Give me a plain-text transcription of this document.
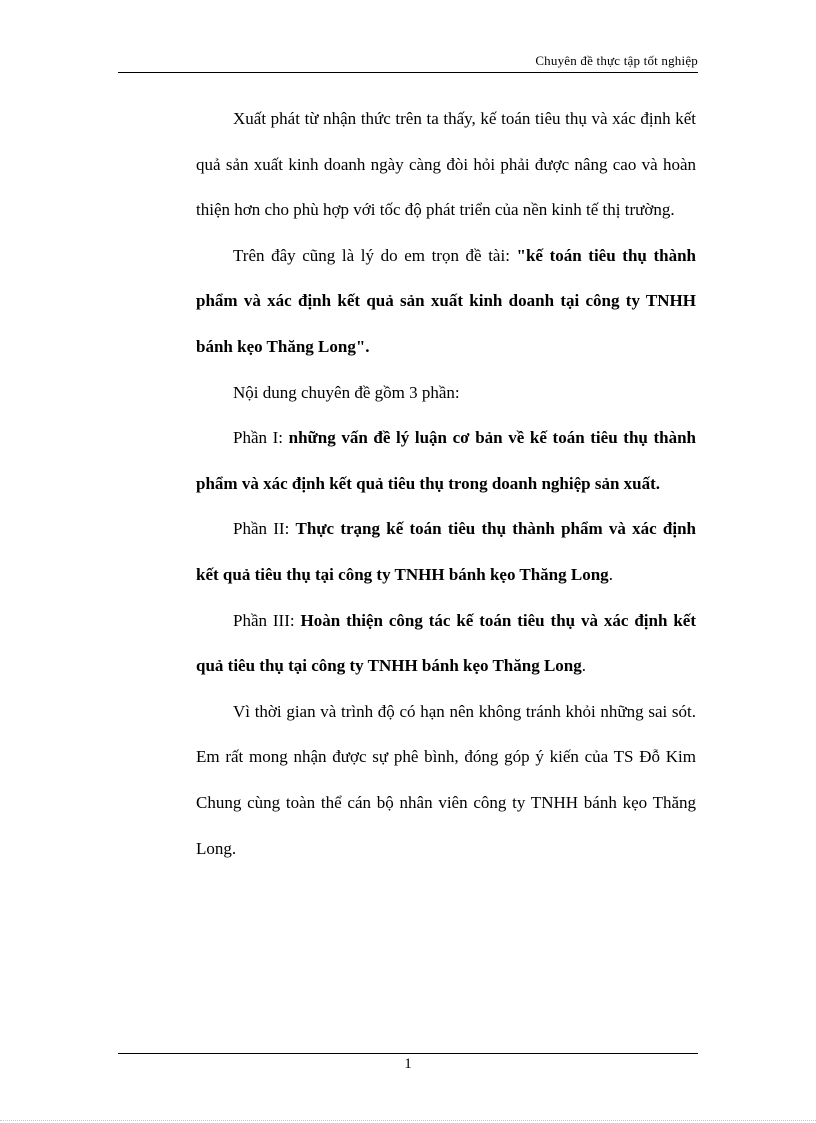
Chuyên đề thực tập tốt nghiệp

Xuất phát từ nhận thức trên ta thấy, kế toán tiêu thụ và xác định kết quả sản xuất kinh doanh ngày càng đòi hỏi phải được nâng cao và hoàn thiện hơn cho phù hợp với tốc độ phát triển của nền kinh tế thị trường.

Trên đây cũng là lý do em trọn đề tài: "kế toán tiêu thụ thành phẩm và xác định kết quả sản xuất kinh doanh tại công ty TNHH bánh kẹo Thăng Long".

Nội dung chuyên đề gồm 3 phần:

Phần I: những vấn đề lý luận cơ bản về kế toán tiêu thụ thành phẩm và xác định kết quả tiêu thụ trong doanh nghiệp sản xuất.

Phần II: Thực trạng kế toán tiêu thụ thành phẩm và xác định kết quả tiêu thụ tại công ty TNHH bánh kẹo Thăng Long.

Phần III: Hoàn thiện công tác kế toán tiêu thụ và xác định kết quả tiêu thụ tại công ty TNHH bánh kẹo Thăng Long.

Vì thời gian và trình độ có hạn nên không tránh khỏi những sai sót. Em rất mong nhận được sự phê bình, đóng góp ý kiến của TS Đỗ Kim Chung cùng toàn thể cán bộ nhân viên công ty TNHH bánh kẹo Thăng Long.

1
